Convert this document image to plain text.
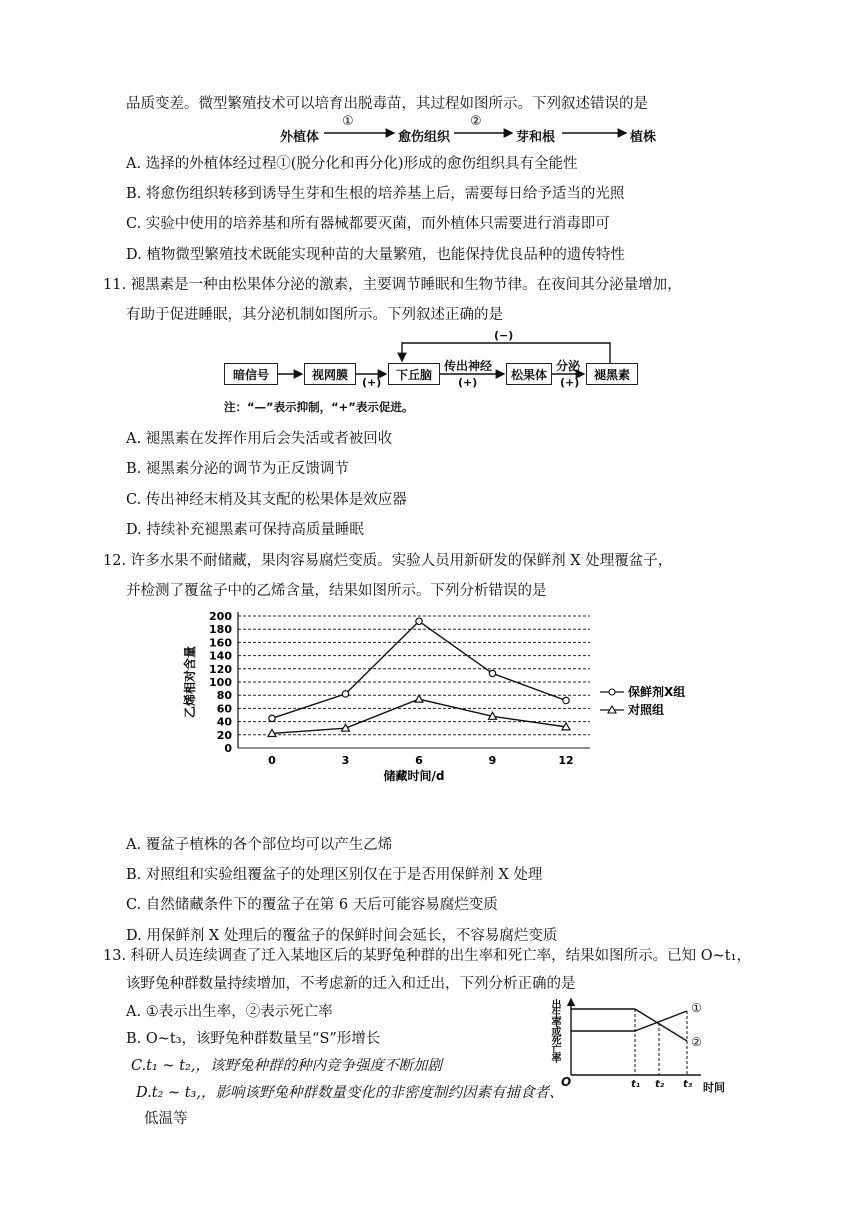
品质变差。微型繁殖技术可以培育出脱毒苗，其过程如图所示。下列叙述错误的是
外植体
①
愈伤组织
②
芽和根	植株
A. 选择的外植体经过程①(脱分化和再分化)形成的愈伤组织具有全能性
B. 将愈伤组织转移到诱导生芽和生根的培养基上后，需要每日给予适当的光照
C. 实验中使用的培养基和所有器械都要灭菌，而外植体只需要进行消毒即可
D. 植物微型繁殖技术既能实现种苗的大量繁殖，也能保持优良品种的遗传特性
11. 褪黑素是一种由松果体分泌的激素，主要调节睡眠和生物节律。在夜间其分泌量增加，
有助于促进睡眠，其分泌机制如图所示。下列叙述正确的是
暗信号	视网膜	下丘脑	松果体	褪黑素
传出神经	分泌
(+)	(+)	(+)
(−)
注：“—”表示抑制，“+”表示促进。
A. 褪黑素在发挥作用后会失活或者被回收
B. 褪黑素分泌的调节为正反馈调节
C. 传出神经末梢及其支配的松果体是效应器
D. 持续补充褪黑素可保持高质量睡眠
12. 许多水果不耐储藏，果肉容易腐烂变质。实验人员用新研发的保鲜剂 X 处理覆盆子，
并检测了覆盆子中的乙烯含量，结果如图所示。下列分析错误的是
0
20
40
60
80
100
120
140
160
180
200
0	3	6	9	12
储藏时间/d
乙烯相对含量	保鲜剂X组
对照组
A. 覆盆子植株的各个部位均可以产生乙烯
B. 对照组和实验组覆盆子的处理区别仅在于是否用保鲜剂 X 处理
C. 自然储藏条件下的覆盆子在第 6 天后可能容易腐烂变质
D. 用保鲜剂 X 处理后的覆盆子的保鲜时间会延长，不容易腐烂变质
13. 科研人员连续调查了迁入某地区后的某野兔种群的出生率和死亡率，结果如图所示。已知 O~t₁，
该野兔种群数量持续增加，不考虑新的迁入和迁出，下列分析正确的是
A. ①表示出生率，②表示死亡率
B. O~t₃，该野兔种群数量呈“S”形增长
C.t₁ ~ t₂,，该野兔种群的种内竞争强度不断加剧
D.t₂ ~ t₃,，影响该野兔种群数量变化的非密度制约因素有捕食者、
低温等
出生率或死亡率
O	t₁ t₂ t₃ 时间
①
②
